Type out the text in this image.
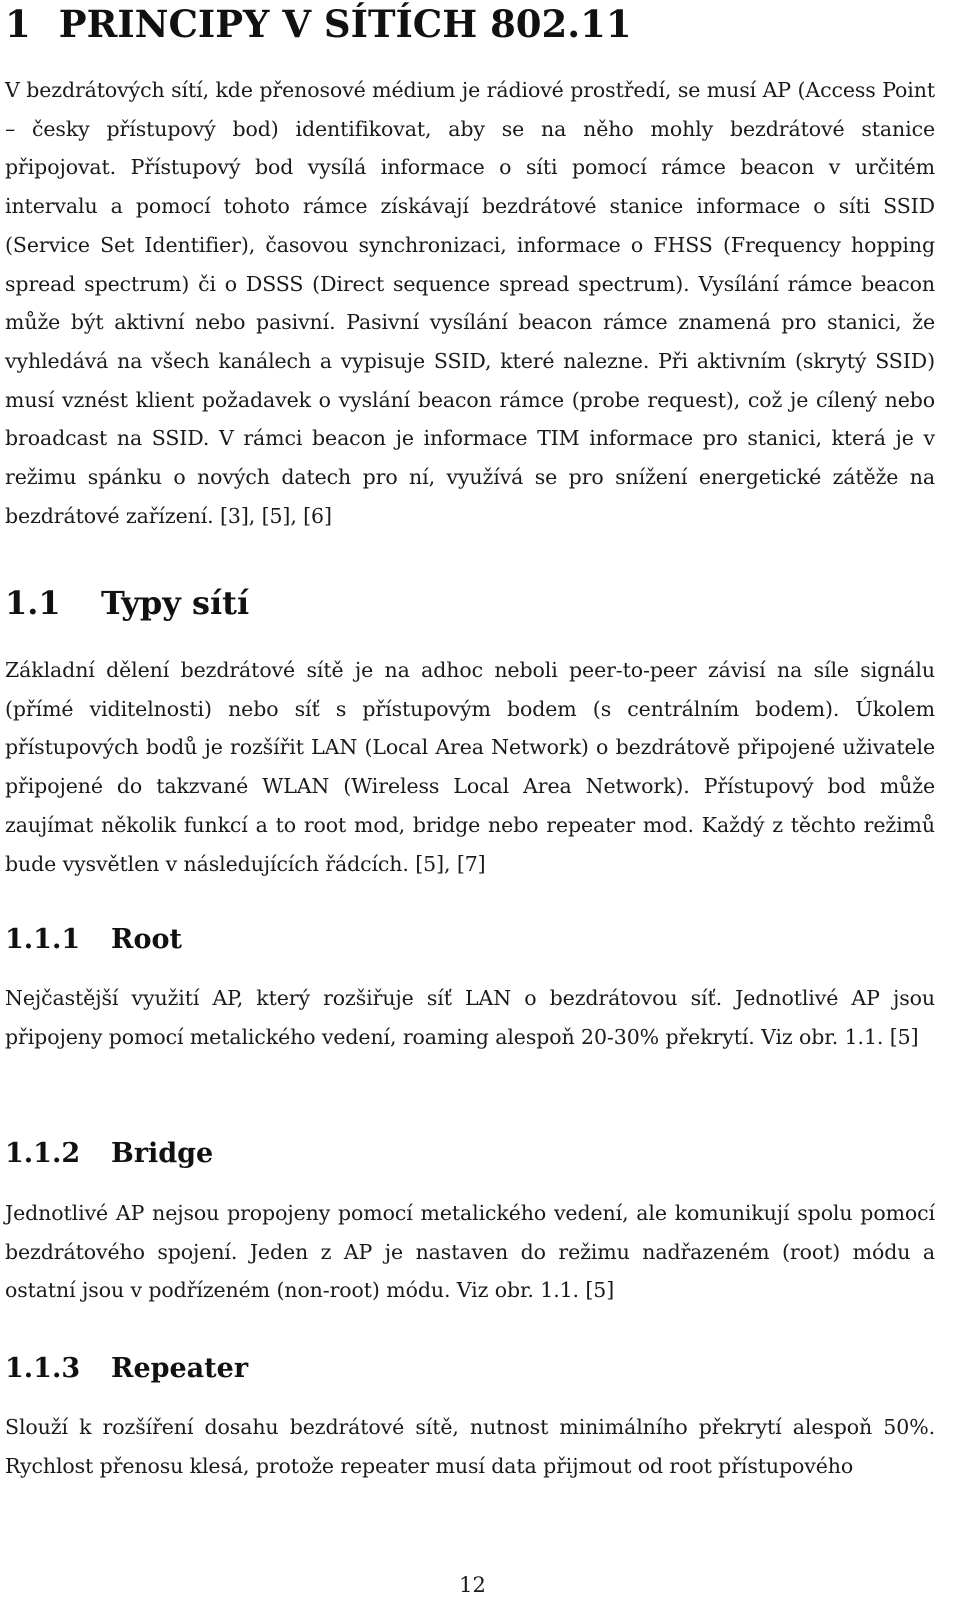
1 PRINCIPY V SÍTÍCH 802.11

V bezdrátových sítí, kde přenosové médium je rádiové prostředí, se musí AP (Access Point – česky přístupový bod) identifikovat, aby se na něho mohly bezdrátové stanice připojovat. Přístupový bod vysílá informace o síti pomocí rámce beacon v určitém intervalu a pomocí tohoto rámce získávají bezdrátové stanice informace o síti SSID (Service Set Identifier), časovou synchronizaci, informace o FHSS (Frequency hopping spread spectrum) či o DSSS (Direct sequence spread spectrum). Vysílání rámce beacon může být aktivní nebo pasivní. Pasivní vysílání beacon rámce znamená pro stanici, že vyhledává na všech kanálech a vypisuje SSID, které nalezne. Při aktivním (skrytý SSID) musí vznést klient požadavek o vyslání beacon rámce (probe request), což je cílený nebo broadcast na SSID. V rámci beacon je informace TIM informace pro stanici, která je v režimu spánku o nových datech pro ní, využívá se pro snížení energetické zátěže na bezdrátové zařízení. [3], [5], [6]

1.1 Typy sítí

Základní dělení bezdrátové sítě je na adhoc neboli peer-to-peer závisí na síle signálu (přímé viditelnosti) nebo síť s přístupovým bodem (s centrálním bodem). Úkolem přístupových bodů je rozšířit LAN (Local Area Network) o bezdrátově připojené uživatele připojené do takzvané WLAN (Wireless Local Area Network). Přístupový bod může zaujímat několik funkcí a to root mod, bridge nebo repeater mod. Každý z těchto režimů bude vysvětlen v následujících řádcích. [5], [7]

1.1.1 Root

Nejčastější využití AP, který rozšiřuje síť LAN o bezdrátovou síť. Jednotlivé AP jsou připojeny pomocí metalického vedení, roaming alespoň 20-30% překrytí. Viz obr. 1.1. [5]

1.1.2 Bridge

Jednotlivé AP nejsou propojeny pomocí metalického vedení, ale komunikují spolu pomocí bezdrátového spojení. Jeden z AP je nastaven do režimu nadřazeném (root) módu a ostatní jsou v podřízeném (non-root) módu. Viz obr. 1.1. [5]

1.1.3 Repeater

Slouží k rozšíření dosahu bezdrátové sítě, nutnost minimálního překrytí alespoň 50%. Rychlost přenosu klesá, protože repeater musí data přijmout od root přístupového

12
